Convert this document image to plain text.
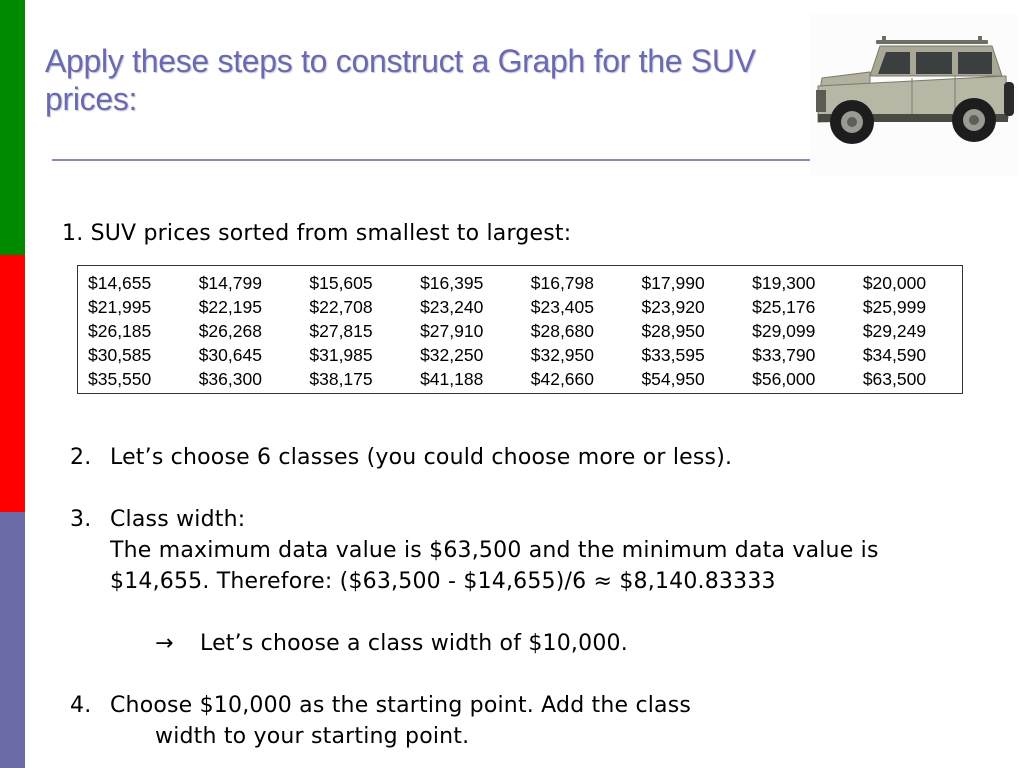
Apply these steps to construct a Graph for the SUV prices:
1. SUV prices sorted from smallest to largest:
$14,655	$14,799	$15,605	$16,395	$16,798	$17,990	$19,300	$20,000
$21,995	$22,195	$22,708	$23,240	$23,405	$23,920	$25,176	$25,999
$26,185	$26,268	$27,815	$27,910	$28,680	$28,950	$29,099	$29,249
$30,585	$30,645	$31,985	$32,250	$32,950	$33,595	$33,790	$34,590
$35,550	$36,300	$38,175	$41,188	$42,660	$54,950	$56,000	$63,500
2. Let’s choose 6 classes (you could choose more or less).
3. Class width:
The maximum data value is $63,500 and the minimum data value is
$14,655. Therefore: ($63,500 - $14,655)/6 ≈ $8,140.83333
→ Let’s choose a class width of $10,000.
4. Choose $10,000 as the starting point. Add the class
width to your starting point.
